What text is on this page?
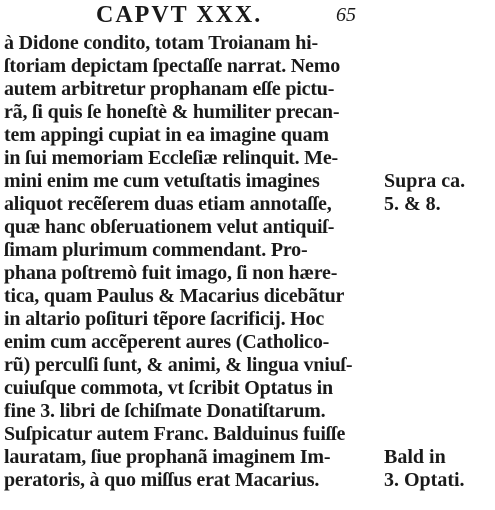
CAPVT XXX.	65
à Didone condito, totam Troianam hi-
ſtoriam depictam ſpectaſſe narrat. Nemo
autem arbitretur prophanam eſſe pictu-
rã, ſi quis ſe honeſtè & humiliter precan-
tem appingi cupiat in ea imagine quam
in ſui memoriam Eccleſiæ relinquit. Me-
mini enim me cum vetuſtatis imagines
aliquot recẽſerem duas etiam annotaſſe,
quæ hanc obſeruationem velut antiquiſ-
ſimam plurimum commendant. Pro-
phana poſtremò fuit imago, ſi non hære-
tica, quam Paulus & Macarius dicebãtur
in altario poſituri tẽpore ſacrificij. Hoc
enim cum accẽperent aures (Catholico-
rũ) perculſi ſunt, & animi, & lingua vniuſ-
cuiuſque commota, vt ſcribit Optatus in
fine 3. libri de ſchiſmate Donatiſtarum.
Suſpicatur autem Franc. Balduinus fuiſſe
lauratam, ſiue prophanã imaginem Im-
peratoris, à quo miſſus erat Macarius.
Supra ca.
5. & 8.
Bald in
3. Optati.
